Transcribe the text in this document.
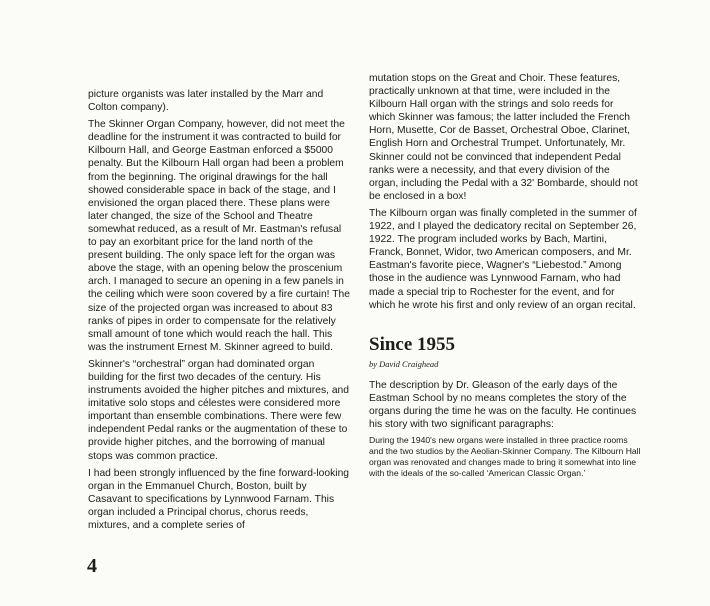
picture organists was later installed by the Marr and Colton company).

The Skinner Organ Company, however, did not meet the deadline for the instrument it was contracted to build for Kilbourn Hall, and George Eastman enforced a $5000 penalty. But the Kilbourn Hall organ had been a problem from the beginning. The original drawings for the hall showed considerable space in back of the stage, and I envisioned the organ placed there. These plans were later changed, the size of the School and Theatre somewhat reduced, as a result of Mr. Eastman's refusal to pay an exorbitant price for the land north of the present building. The only space left for the organ was above the stage, with an opening below the proscenium arch. I managed to secure an opening in a few panels in the ceiling which were soon covered by a fire curtain! The size of the projected organ was increased to about 83 ranks of pipes in order to compensate for the relatively small amount of tone which would reach the hall. This was the instrument Ernest M. Skinner agreed to build.

Skinner's “orchestral” organ had dominated organ building for the first two decades of the century. His instruments avoided the higher pitches and mixtures, and imitative solo stops and célestes were considered more important than ensemble combinations. There were few independent Pedal ranks or the augmentation of these to provide higher pitches, and the borrowing of manual stops was common practice.

I had been strongly influenced by the fine forward-looking organ in the Emmanuel Church, Boston, built by Casavant to specifications by Lynnwood Farnam. This organ included a Principal chorus, chorus reeds, mixtures, and a complete series of

mutation stops on the Great and Choir. These features, practically unknown at that time, were included in the Kilbourn Hall organ with the strings and solo reeds for which Skinner was famous; the latter included the French Horn, Musette, Cor de Basset, Orchestral Oboe, Clarinet, English Horn and Orchestral Trumpet. Unfortunately, Mr. Skinner could not be convinced that independent Pedal ranks were a necessity, and that every division of the organ, including the Pedal with a 32' Bombarde, should not be enclosed in a box!

The Kilbourn organ was finally completed in the summer of 1922, and I played the dedicatory recital on September 26, 1922. The program included works by Bach, Martini, Franck, Bonnet, Widor, two American composers, and Mr. Eastman's favorite piece, Wagner's “Liebestod.” Among those in the audience was Lynnwood Farnam, who had made a special trip to Rochester for the event, and for which he wrote his first and only review of an organ recital.

Since 1955
by David Craighead

The description by Dr. Gleason of the early days of the Eastman School by no means completes the story of the organs during the time he was on the faculty. He continues his story with two significant paragraphs:

During the 1940's new organs were installed in three practice rooms and the two studios by the Aeolian-Skinner Company. The Kilbourn Hall organ was renovated and changes made to bring it somewhat into line with the ideals of the so-called ‘American Classic Organ.’

4
